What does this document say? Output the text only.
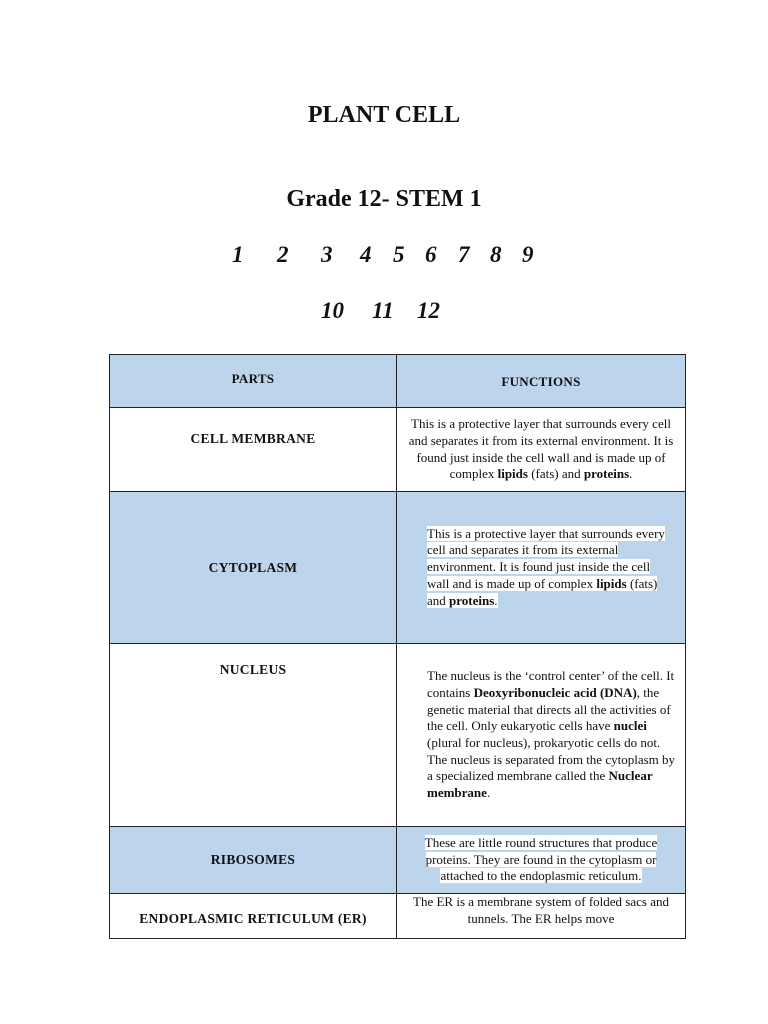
PLANT CELL
Grade 12- STEM 1
1 2 3 4 5 6 7 8 9
10 11 12
PARTS	FUNCTIONS
CELL MEMBRANE	This is a protective layer that surrounds every cell and separates it from its external environment. It is found just inside the cell wall and is made up of complex lipids (fats) and proteins.

CYTOPLASM	This is a protective layer that surrounds every cell and separates it from its external environment. It is found just inside the cell wall and is made up of complex lipids (fats) and proteins.

NUCLEUS	The nucleus is the ‘control center’ of the cell. It contains Deoxyribonucleic acid (DNA), the genetic material that directs all the activities of the cell. Only eukaryotic cells have nuclei (plural for nucleus), prokaryotic cells do not. The nucleus is separated from the cytoplasm by a specialized membrane called the Nuclear membrane.

RIBOSOMES	These are little round structures that produce proteins. They are found in the cytoplasm or attached to the endoplasmic reticulum.

ENDOPLASMIC RETICULUM (ER)	The ER is a membrane system of folded sacs and tunnels. The ER helps move
